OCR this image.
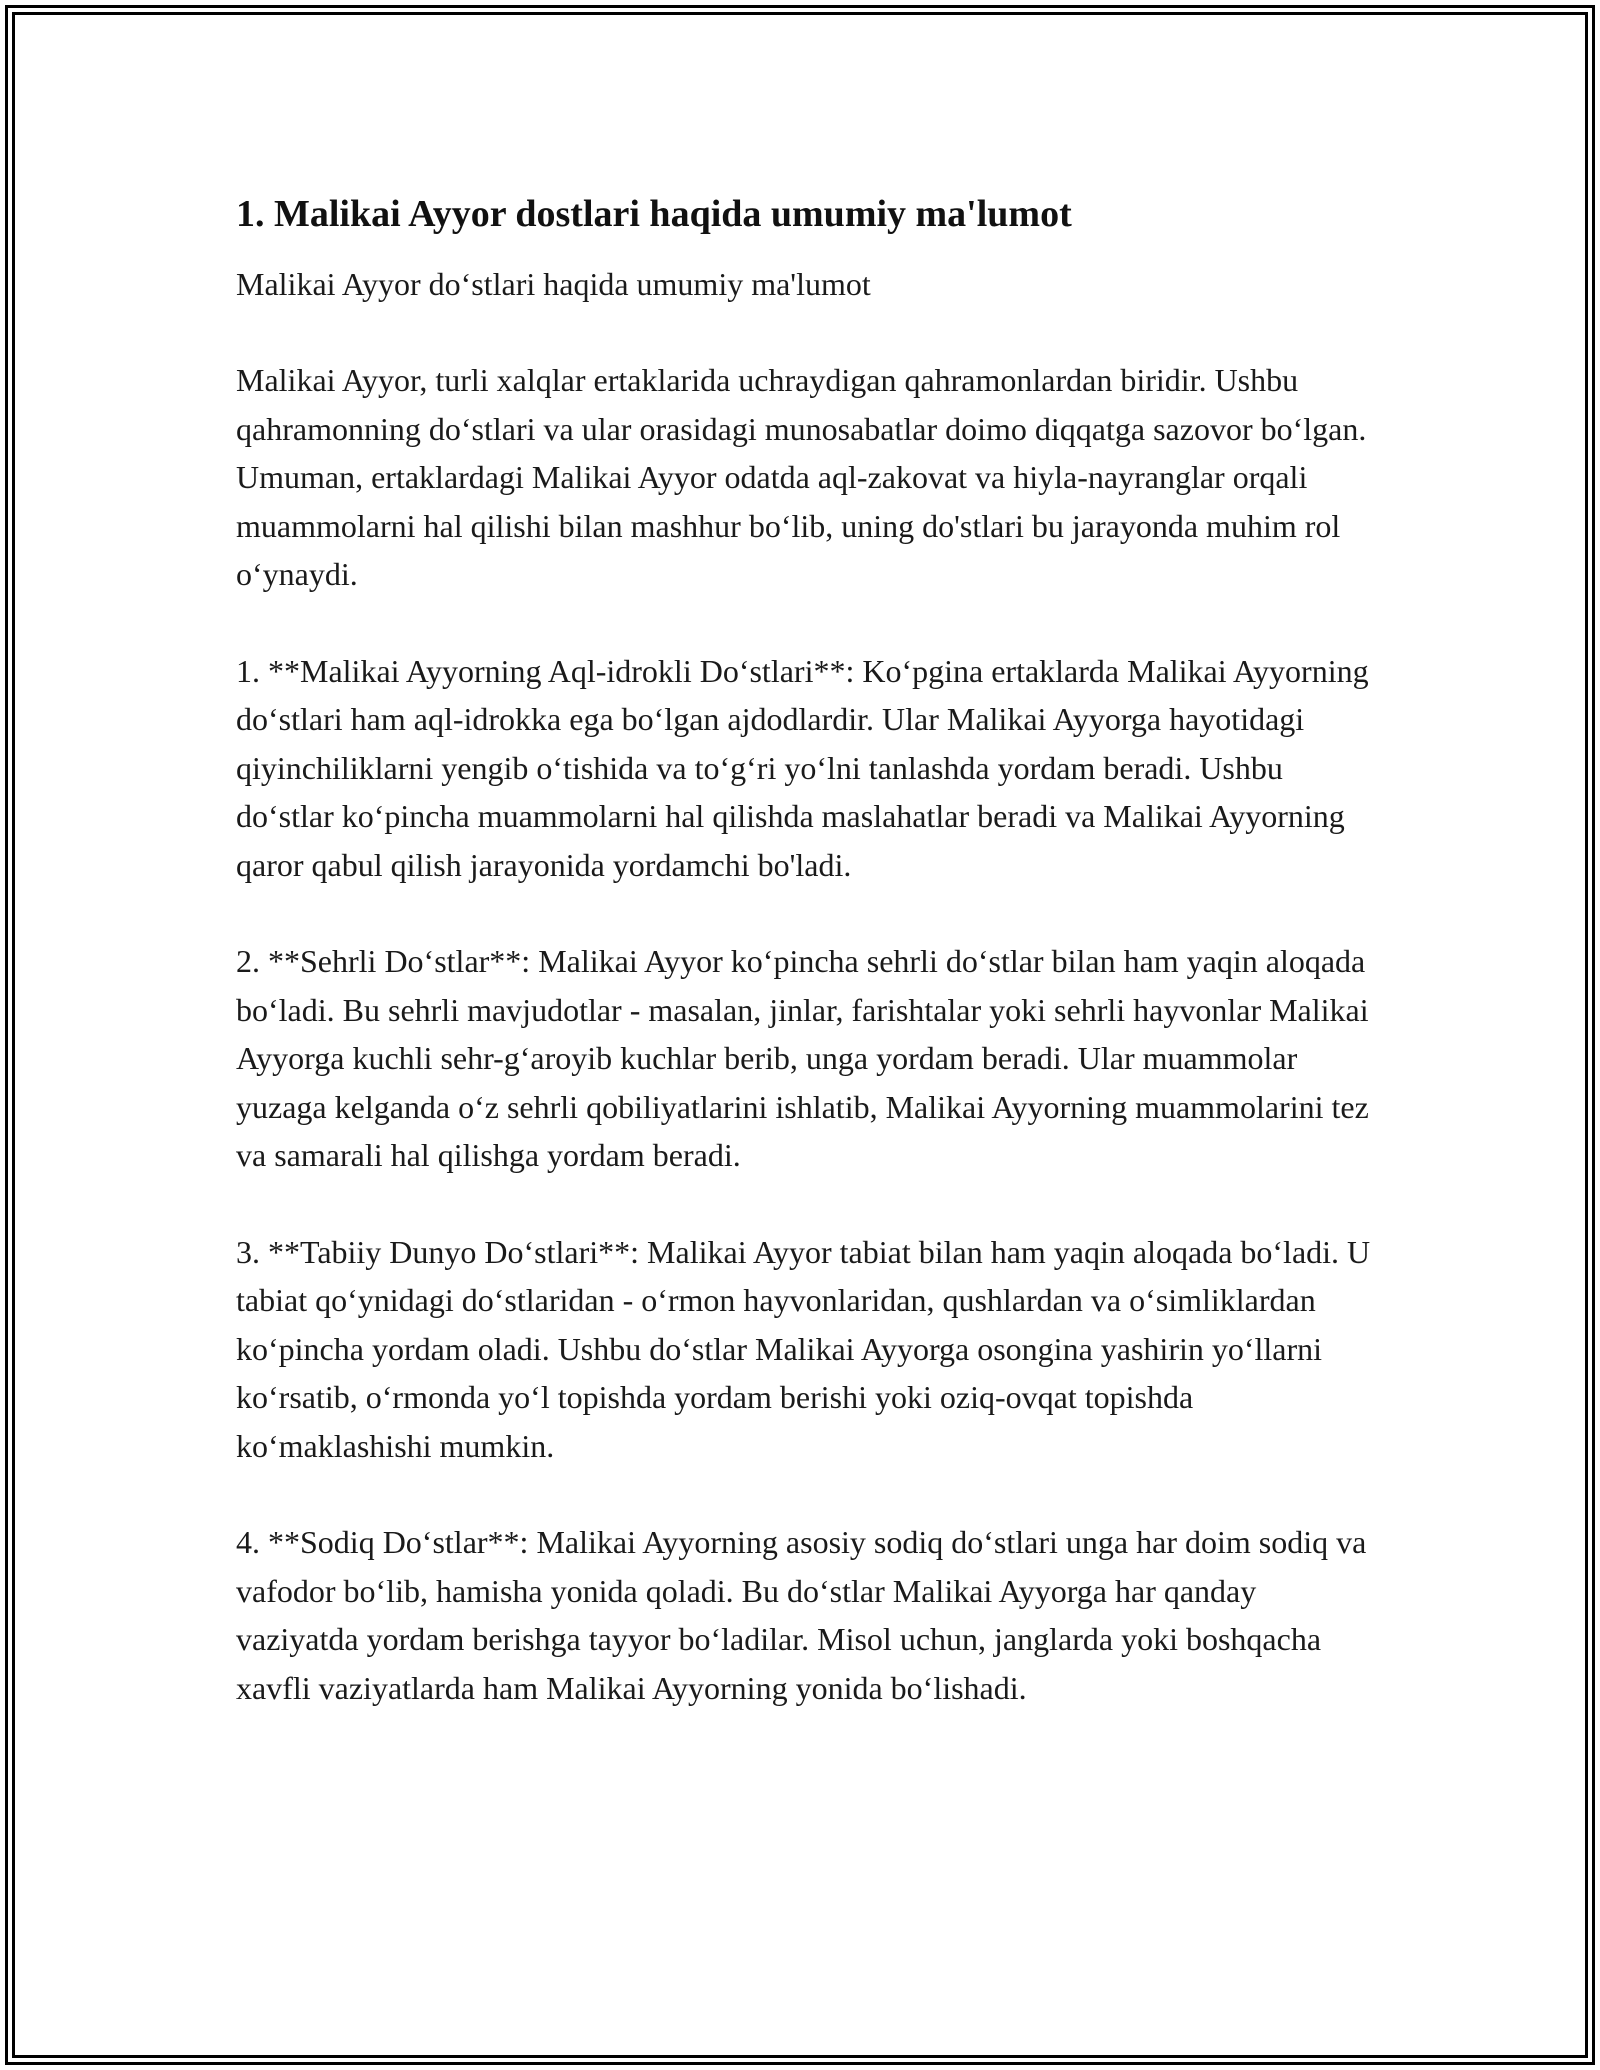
1. Malikai Ayyor dostlari haqida umumiy ma'lumot

Malikai Ayyor do‘stlari haqida umumiy ma'lumot

Malikai Ayyor, turli xalqlar ertaklarida uchraydigan qahramonlardan biridir. Ushbu qahramonning do‘stlari va ular orasidagi munosabatlar doimo diqqatga sazovor bo‘lgan. Umuman, ertaklardagi Malikai Ayyor odatda aql-zakovat va hiyla-nayranglar orqali muammolarni hal qilishi bilan mashhur bo‘lib, uning do'stlari bu jarayonda muhim rol o‘ynaydi.

1. **Malikai Ayyorning Aql-idrokli Do‘stlari**: Ko‘pgina ertaklarda Malikai Ayyorning do‘stlari ham aql-idrokka ega bo‘lgan ajdodlardir. Ular Malikai Ayyorga hayotidagi qiyinchiliklarni yengib o‘tishida va to‘g‘ri yo‘lni tanlashda yordam beradi. Ushbu do‘stlar ko‘pincha muammolarni hal qilishda maslahatlar beradi va Malikai Ayyorning qaror qabul qilish jarayonida yordamchi bo'ladi.

2. **Sehrli Do‘stlar**: Malikai Ayyor ko‘pincha sehrli do‘stlar bilan ham yaqin aloqada bo‘ladi. Bu sehrli mavjudotlar - masalan, jinlar, farishtalar yoki sehrli hayvonlar Malikai Ayyorga kuchli sehr-g‘aroyib kuchlar berib, unga yordam beradi. Ular muammolar yuzaga kelganda o‘z sehrli qobiliyatlarini ishlatib, Malikai Ayyorning muammolarini tez va samarali hal qilishga yordam beradi.

3. **Tabiiy Dunyo Do‘stlari**: Malikai Ayyor tabiat bilan ham yaqin aloqada bo‘ladi. U tabiat qo‘ynidagi do‘stlaridan - o‘rmon hayvonlaridan, qushlardan va o‘simliklardan ko‘pincha yordam oladi. Ushbu do‘stlar Malikai Ayyorga osongina yashirin yo‘llarni ko‘rsatib, o‘rmonda yo‘l topishda yordam berishi yoki oziq-ovqat topishda ko‘maklashishi mumkin.

4. **Sodiq Do‘stlar**: Malikai Ayyorning asosiy sodiq do‘stlari unga har doim sodiq va vafodor bo‘lib, hamisha yonida qoladi. Bu do‘stlar Malikai Ayyorga har qanday vaziyatda yordam berishga tayyor bo‘ladilar. Misol uchun, janglarda yoki boshqacha xavfli vaziyatlarda ham Malikai Ayyorning yonida bo‘lishadi.
